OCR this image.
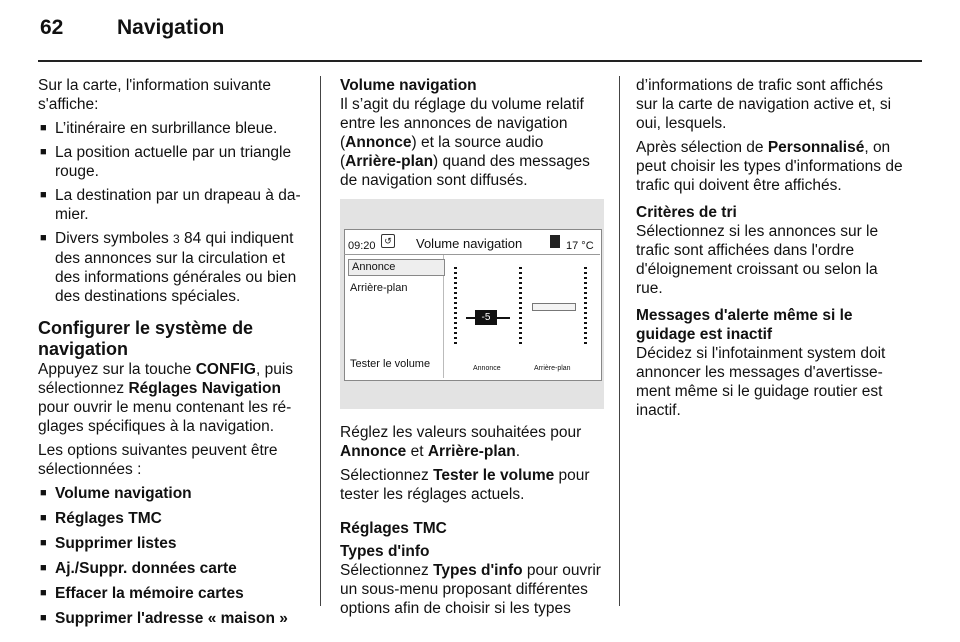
62	Navigation

Sur la carte, l'information suivante s'affiche:

■ L’itinéraire en surbrillance bleue.
■ La position actuelle par un triangle rouge.
■ La destination par un drapeau à damier.
■ Divers symboles 3 84 qui indiquent des annonces sur la circulation et des informations générales ou bien des destinations spéciales.
Configurer le système de navigation

Appuyez sur la touche CONFIG, puis sélectionnez Réglages Navigation pour ouvrir le menu contenant les réglages spécifiques à la navigation.

Les options suivantes peuvent être sélectionnées :

■ Volume navigation
■ Réglages TMC
■ Supprimer listes
■ Aj./Suppr. données carte
■ Effacer la mémoire cartes
■ Supprimer l'adresse « maison »
Volume navigation

Il s’agit du réglage du volume relatif entre les annonces de navigation (Annonce) et la source audio (Arrière-plan) quand des messages de navigation sont diffusés.

09:20 ↺ Volume navigation	17 °C
Annonce
Arrière-plan
Tester le volume
-5
Annonce	Arrière-plan

Réglez les valeurs souhaitées pour Annonce et Arrière-plan.

Sélectionnez Tester le volume pour tester les réglages actuels.

Réglages TMC
Types d'info

Sélectionnez Types d'info pour ouvrir un sous-menu proposant différentes options afin de choisir si les types

d’informations de trafic sont affichés sur la carte de navigation active et, si oui, lesquels.

Après sélection de Personnalisé, on peut choisir les types d'informations de trafic qui doivent être affichés.

Critères de tri

Sélectionnez si les annonces sur le trafic sont affichées dans l'ordre d'éloignement croissant ou selon la rue.

Messages d'alerte même si le guidage est inactif

Décidez si l'infotainment system doit annoncer les messages d'avertissement même si le guidage routier est inactif.
